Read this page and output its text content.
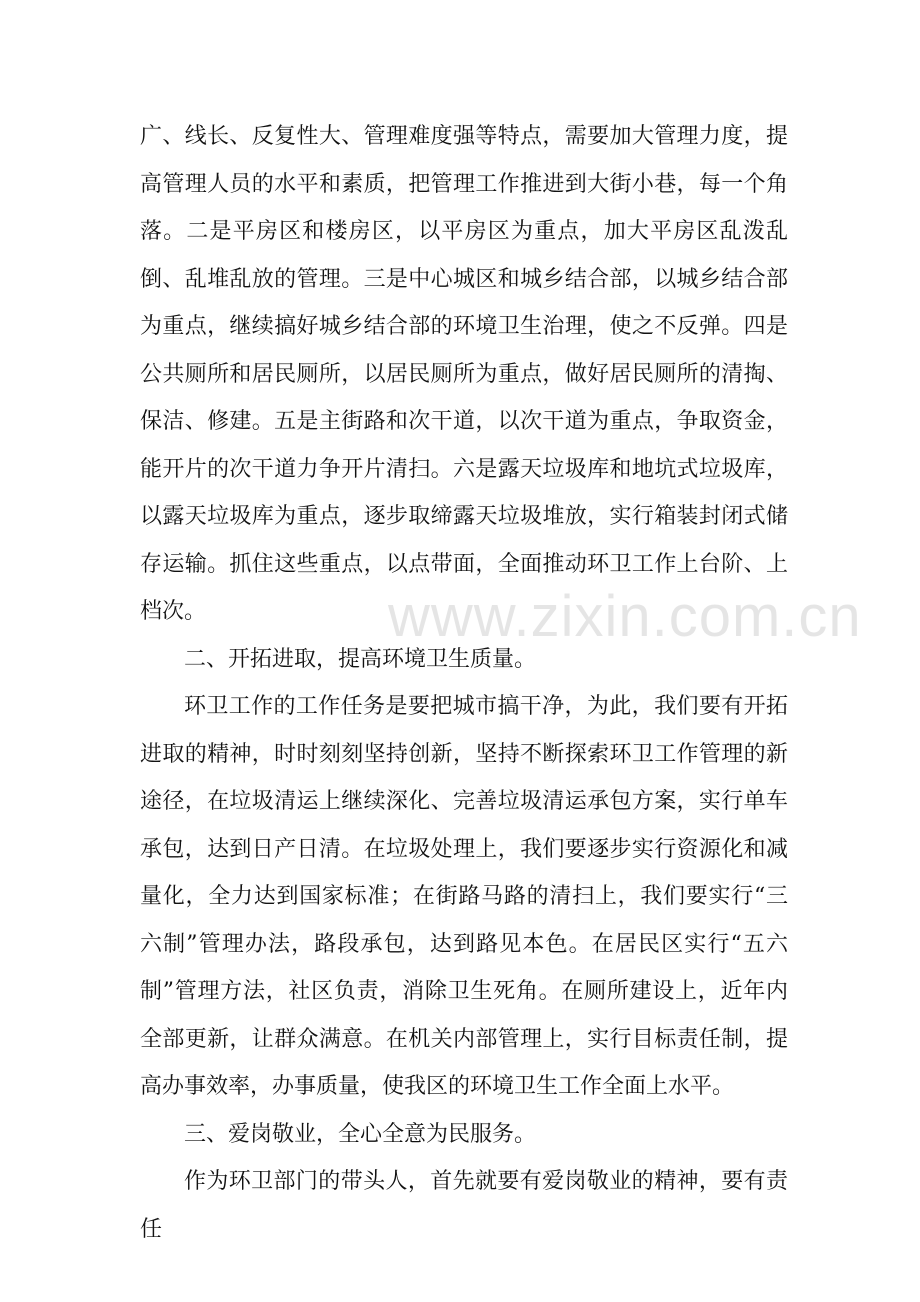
广、线长、反复性大、管理难度强等特点，需要加大管理力度，提高管理人员的水平和素质，把管理工作推进到大街小巷，每一个角落。二是平房区和楼房区，以平房区为重点，加大平房区乱泼乱倒、乱堆乱放的管理。三是中心城区和城乡结合部，以城乡结合部为重点，继续搞好城乡结合部的环境卫生治理，使之不反弹。四是公共厕所和居民厕所，以居民厕所为重点，做好居民厕所的清掏、保洁、修建。五是主街路和次干道，以次干道为重点，争取资金，能开片的次干道力争开片清扫。六是露天垃圾库和地坑式垃圾库，以露天垃圾库为重点，逐步取缔露天垃圾堆放，实行箱装封闭式储存运输。抓住这些重点，以点带面，全面推动环卫工作上台阶、上档次。

二、开拓进取，提高环境卫生质量。

环卫工作的工作任务是要把城市搞干净，为此，我们要有开拓进取的精神，时时刻刻坚持创新，坚持不断探索环卫工作管理的新途径，在垃圾清运上继续深化、完善垃圾清运承包方案，实行单车承包，达到日产日清。在垃圾处理上，我们要逐步实行资源化和减量化，全力达到国家标准；在街路马路的清扫上，我们要实行“三六制”管理办法，路段承包，达到路见本色。在居民区实行“五六制”管理方法，社区负责，消除卫生死角。在厕所建设上，近年内全部更新，让群众满意。在机关内部管理上，实行目标责任制，提高办事效率，办事质量，使我区的环境卫生工作全面上水平。

三、爱岗敬业，全心全意为民服务。

作为环卫部门的带头人，首先就要有爱岗敬业的精神，要有责任

www.zixin.com.cn
